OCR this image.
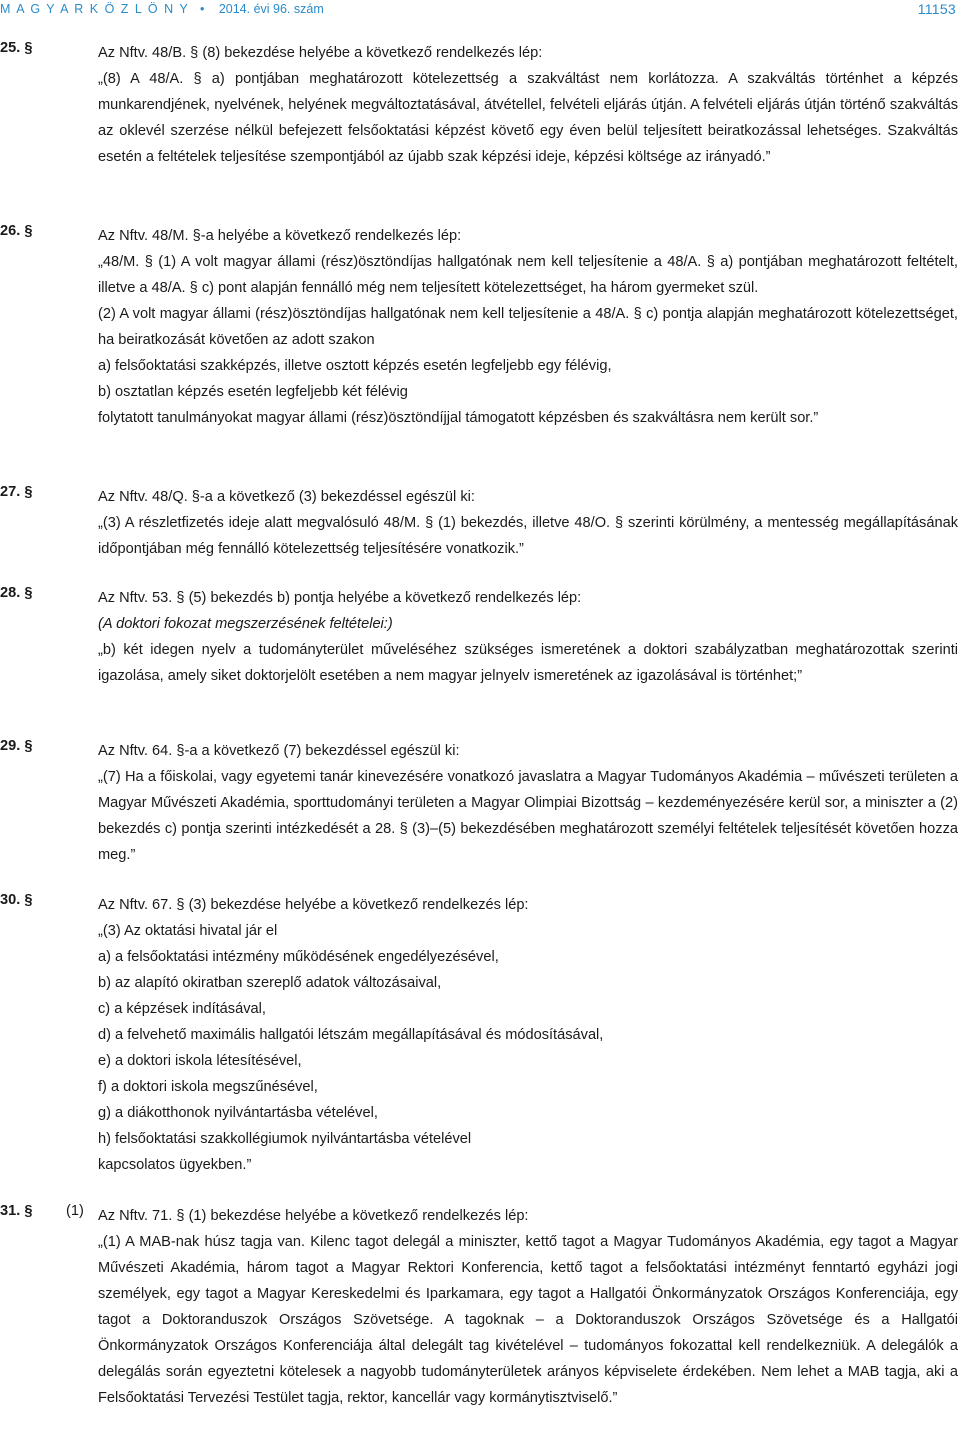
M A G Y A R K Ö Z L Ö N Y • 2014. évi 96. szám	11153
25. §	Az Nftv. 48/B. § (8) bekezdése helyébe a következő rendelkezés lép:

„(8) A 48/A. § a) pontjában meghatározott kötelezettség a szakváltást nem korlátozza. A szakváltás történhet a képzés munkarendjének, nyelvének, helyének megváltoztatásával, átvétellel, felvételi eljárás útján. A felvételi eljárás útján történő szakváltás az oklevél szerzése nélkül befejezett felsőoktatási képzést követő egy éven belül teljesített beiratkozással lehetséges. Szakváltás esetén a feltételek teljesítése szempontjából az újabb szak képzési ideje, képzési költsége az irányadó.”

26. §	Az Nftv. 48/M. §-a helyébe a következő rendelkezés lép:

„48/M. § (1) A volt magyar állami (rész)ösztöndíjas hallgatónak nem kell teljesítenie a 48/A. § a) pontjában meghatározott feltételt, illetve a 48/A. § c) pont alapján fennálló még nem teljesített kötelezettséget, ha három gyermeket szül.

(2) A volt magyar állami (rész)ösztöndíjas hallgatónak nem kell teljesítenie a 48/A. § c) pontja alapján meghatározott kötelezettséget, ha beiratkozását követően az adott szakon

a) felsőoktatási szakképzés, illetve osztott képzés esetén legfeljebb egy félévig,

b) osztatlan képzés esetén legfeljebb két félévig

folytatott tanulmányokat magyar állami (rész)ösztöndíjjal támogatott képzésben és szakváltásra nem került sor.”

27. §	Az Nftv. 48/Q. §-a a következő (3) bekezdéssel egészül ki:

„(3) A részletfizetés ideje alatt megvalósuló 48/M. § (1) bekezdés, illetve 48/O. § szerinti körülmény, a mentesség megállapításának időpontjában még fennálló kötelezettség teljesítésére vonatkozik.”

28. §	Az Nftv. 53. § (5) bekezdés b) pontja helyébe a következő rendelkezés lép:

(A doktori fokozat megszerzésének feltételei:)

„b) két idegen nyelv a tudományterület műveléséhez szükséges ismeretének a doktori szabályzatban meghatározottak szerinti igazolása, amely siket doktorjelölt esetében a nem magyar jelnyelv ismeretének az igazolásával is történhet;”

29. §	Az Nftv. 64. §-a a következő (7) bekezdéssel egészül ki:

„(7) Ha a főiskolai, vagy egyetemi tanár kinevezésére vonatkozó javaslatra a Magyar Tudományos Akadémia – művészeti területen a Magyar Művészeti Akadémia, sporttudományi területen a Magyar Olimpiai Bizottság – kezdeményezésére kerül sor, a miniszter a (2) bekezdés c) pontja szerinti intézkedését a 28. § (3)–(5) bekezdésében meghatározott személyi feltételek teljesítését követően hozza meg.”

30. §	Az Nftv. 67. § (3) bekezdése helyébe a következő rendelkezés lép:

„(3) Az oktatási hivatal jár el

a) a felsőoktatási intézmény működésének engedélyezésével,

b) az alapító okiratban szereplő adatok változásaival,

c) a képzések indításával,

d) a felvehető maximális hallgatói létszám megállapításával és módosításával,

e) a doktori iskola létesítésével,

f) a doktori iskola megszűnésével,

g) a diákotthonok nyilvántartásba vételével,

h) felsőoktatási szakkollégiumok nyilvántartásba vételével

kapcsolatos ügyekben.”

31. § (1) Az Nftv. 71. § (1) bekezdése helyébe a következő rendelkezés lép:

„(1) A MAB-nak húsz tagja van. Kilenc tagot delegál a miniszter, kettő tagot a Magyar Tudományos Akadémia, egy tagot a Magyar Művészeti Akadémia, három tagot a Magyar Rektori Konferencia, kettő tagot a felsőoktatási intézményt fenntartó egyházi jogi személyek, egy tagot a Magyar Kereskedelmi és Iparkamara, egy tagot a Hallgatói Önkormányzatok Országos Konferenciája, egy tagot a Doktoranduszok Országos Szövetsége. A tagoknak – a Doktoranduszok Országos Szövetsége és a Hallgatói Önkormányzatok Országos Konferenciája által delegált tag kivételével – tudományos fokozattal kell rendelkezniük. A delegálók a delegálás során egyeztetni kötelesek a nagyobb tudományterületek arányos képviselete érdekében. Nem lehet a MAB tagja, aki a Felsőoktatási Tervezési Testület tagja, rektor, kancellár vagy kormánytisztviselő.”
